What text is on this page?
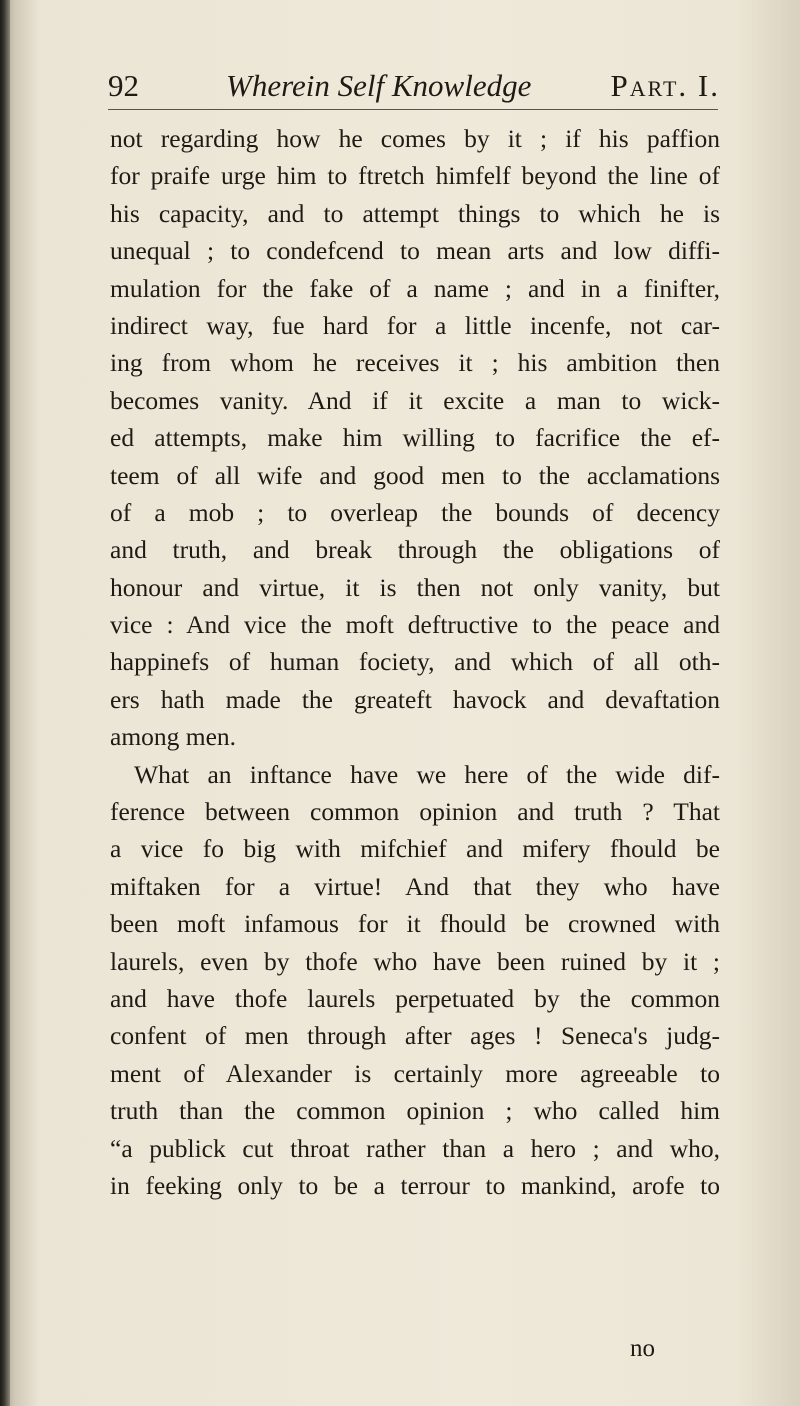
92	Wherein Self Knowledge	Part. I.
not regarding how he comes by it ; if his paffion
for praife urge him to ftretch himfelf beyond the line of
his capacity, and to attempt things to which he is
unequal ; to condefcend to mean arts and low diffi-
mulation for the fake of a name ; and in a finifter,
indirect way, fue hard for a little incenfe, not car-
ing from whom he receives it ; his ambition then
becomes vanity. And if it excite a man to wick-
ed attempts, make him willing to facrifice the ef-
teem of all wife and good men to the acclamations
of a mob ; to overleap the bounds of decency
and truth, and break through the obligations of
honour and virtue, it is then not only vanity, but
vice : And vice the moft deftructive to the peace and
happinefs of human fociety, and which of all oth-
ers hath made the greateft havock and devaftation
among men.
What an inftance have we here of the wide dif-
ference between common opinion and truth ? That
a vice fo big with mifchief and mifery fhould be
miftaken for a virtue! And that they who have
been moft infamous for it fhould be crowned with
laurels, even by thofe who have been ruined by it ;
and have thofe laurels perpetuated by the common
confent of men through after ages ! Seneca's judg-
ment of Alexander is certainly more agreeable to
truth than the common opinion ; who called him
“a publick cut throat rather than a hero ; and who,
in feeking only to be a terrour to mankind, arofe to
no
